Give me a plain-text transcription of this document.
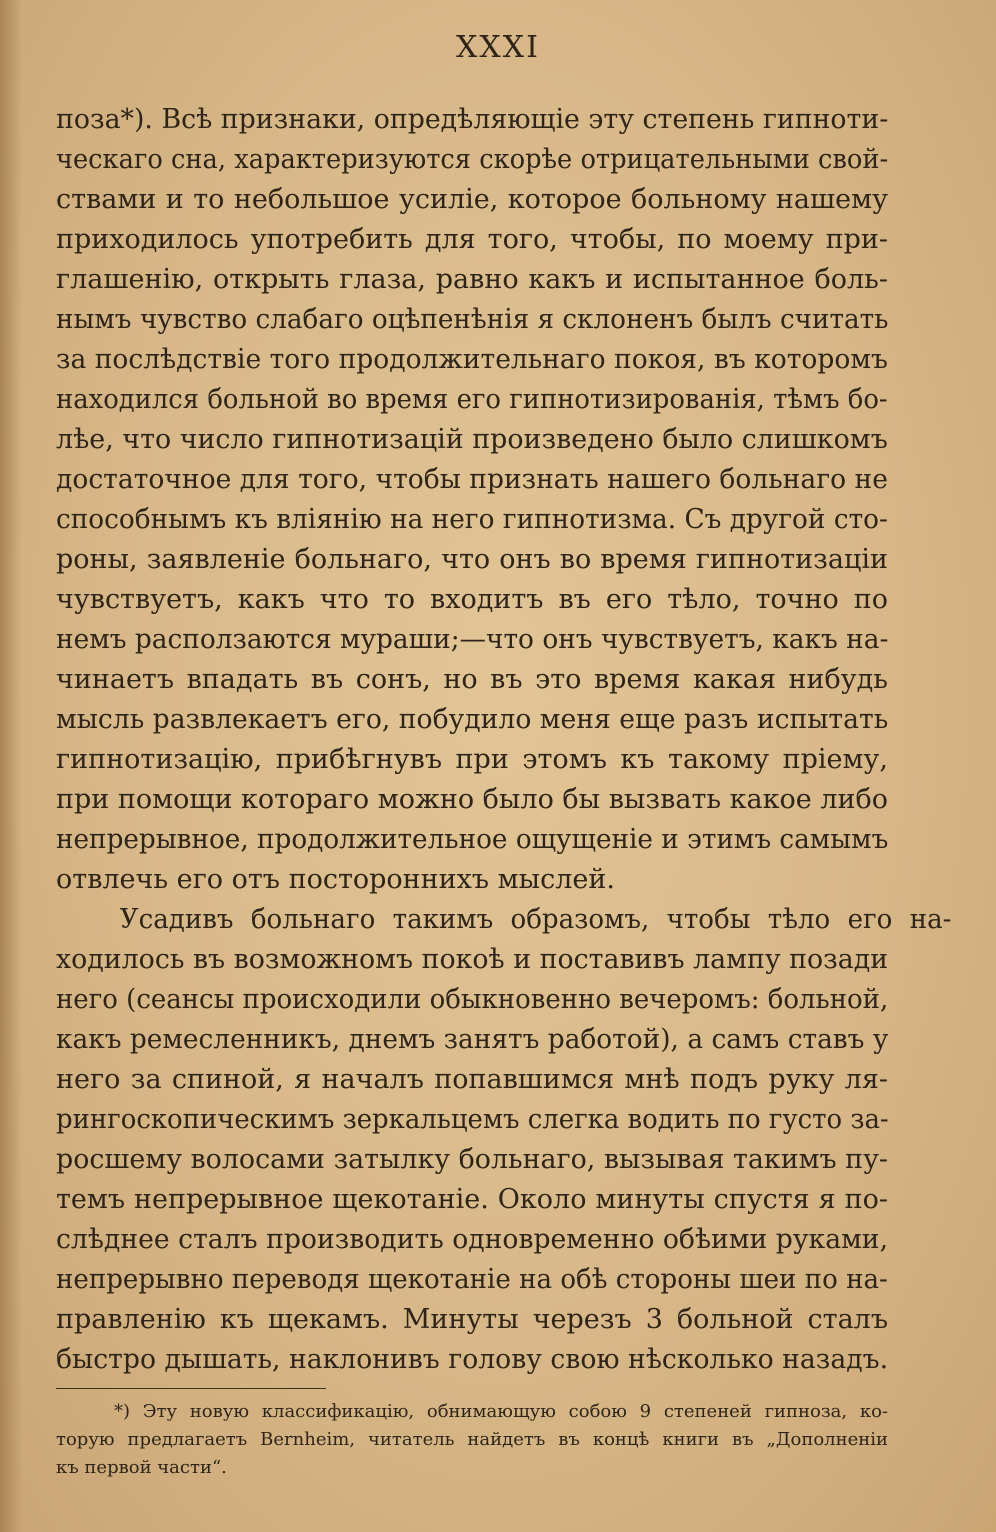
XXXI
поза*). Всѣ признаки, опредѣляющіе эту степень гипноти-
ческаго сна, характеризуются скорѣе отрицательными свой-
ствами и то небольшое усиліе, которое больному нашему
приходилось употребить для того, чтобы, по моему при-
глашенію, открыть глаза, равно какъ и испытанное боль-
нымъ чувство слабаго оцѣпенѣнія я склоненъ былъ считать
за послѣдствіе того продолжительнаго покоя, въ которомъ
находился больной во время его гипнотизированія, тѣмъ бо-
лѣе, что число гипнотизацій произведено было слишкомъ
достаточное для того, чтобы признать нашего больнаго не
способнымъ къ вліянію на него гипнотизма. Съ другой сто-
роны, заявленіе больнаго, что онъ во время гипнотизаціи
чувствуетъ, какъ что то входитъ въ его тѣло, точно по
немъ расползаются мураши;—что онъ чувствуетъ, какъ на-
чинаетъ впадать въ сонъ, но въ это время какая нибудь
мысль развлекаетъ его, побудило меня еще разъ испытать
гипнотизацію, прибѣгнувъ при этомъ къ такому пріему,
при помощи котораго можно было бы вызвать какое либо
непрерывное, продолжительное ощущеніе и этимъ самымъ
отвлечь его отъ постороннихъ мыслей.
Усадивъ больнаго такимъ образомъ, чтобы тѣло его на-
ходилось въ возможномъ покоѣ и поставивъ лампу позади
него (сеансы происходили обыкновенно вечеромъ: больной,
какъ ремесленникъ, днемъ занятъ работой), а самъ ставъ у
него за спиной, я началъ попавшимся мнѣ подъ руку ля-
рингоскопическимъ зеркальцемъ слегка водить по густо за-
росшему волосами затылку больнаго, вызывая такимъ пу-
темъ непрерывное щекотаніе. Около минуты спустя я по-
слѣднее сталъ производить одновременно обѣими руками,
непрерывно переводя щекотаніе на обѣ стороны шеи по на-
правленію къ щекамъ. Минуты черезъ 3 больной сталъ
быстро дышать, наклонивъ голову свою нѣсколько назадъ.
*) Эту новую классификацію, обнимающую собою 9 степеней гипноза, ко-
торую предлагаетъ Bernheim, читатель найдетъ въ концѣ книги въ „Дополненіи
къ первой части“.
